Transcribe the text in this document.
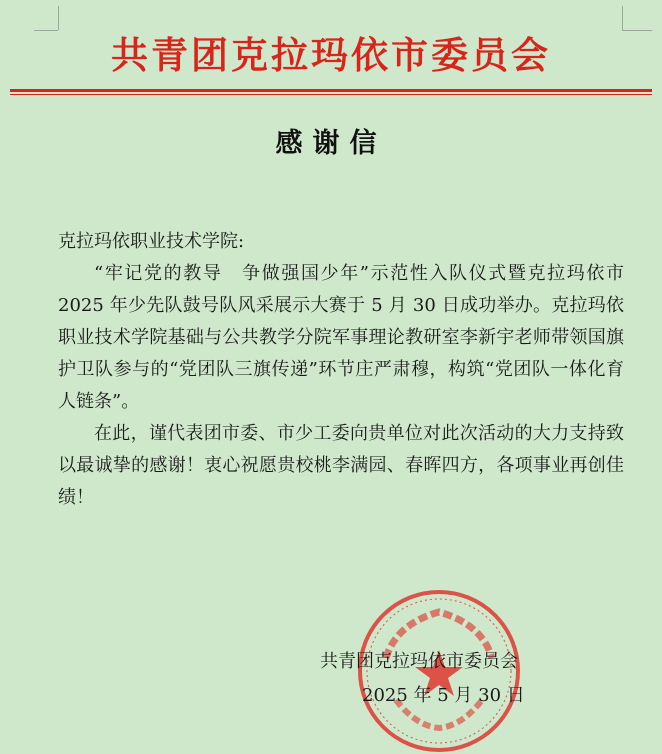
共青团克拉玛依市委员会
感谢信

克拉玛依职业技术学院:

“牢记党的教导　争做强国少年”示范性入队仪式暨克拉玛依市 2025 年少先队鼓号队风采展示大赛于 5 月 30 日成功举办。克拉玛依职业技术学院基础与公共教学分院军事理论教研室李新宇老师带领国旗护卫队参与的“党团队三旗传递”环节庄严肃穆，构筑“党团队一体化育人链条”。

在此，谨代表团市委、市少工委向贵单位对此次活动的大力支持致以最诚挚的感谢！衷心祝愿贵校桃李满园、春晖四方，各项事业再创佳绩！

共青团克拉玛依市委员会
2025 年 5 月 30 日
